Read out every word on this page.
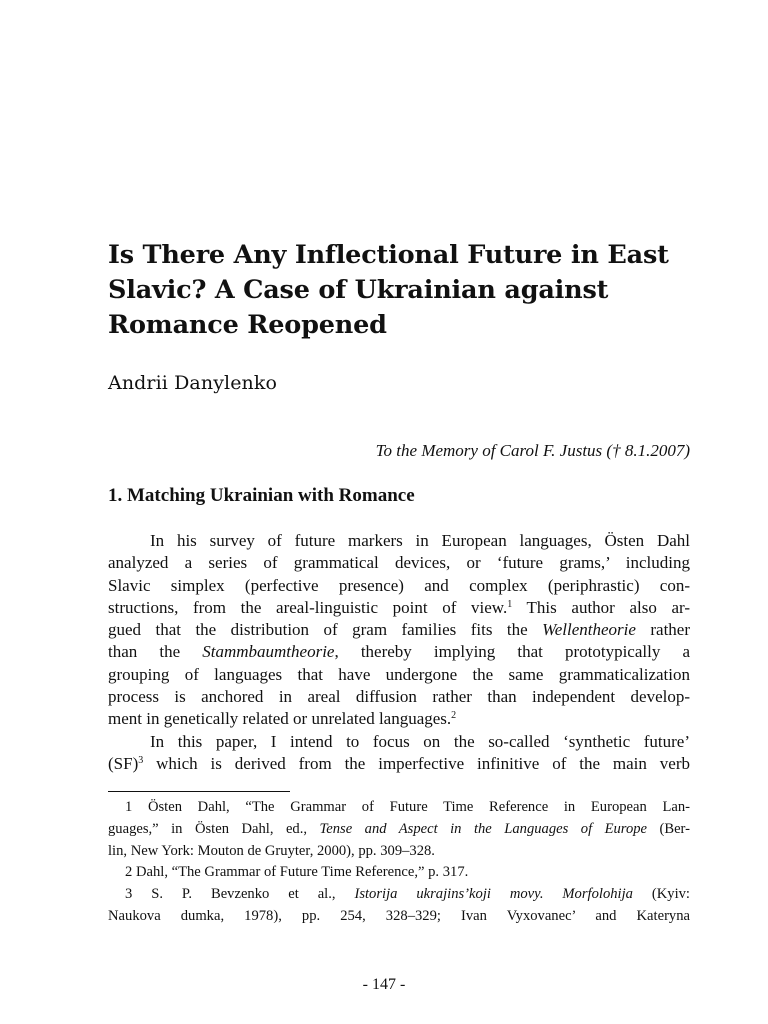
Is There Any Inflectional Future in East
Slavic? A Case of Ukrainian against
Romance Reopened
Andrii Danylenko
To the Memory of Carol F. Justus († 8.1.2007)
1. Matching Ukrainian with Romance
In his survey of future markers in European languages, Östen Dahl
analyzed a series of grammatical devices, or ‘future grams,’ including
Slavic simplex (perfective presence) and complex (periphrastic) con-
structions, from the areal-linguistic point of view.$^1$ This author also ar-
gued that the distribution of gram families fits the Wellentheorie rather
than the Stammbaumtheorie, thereby implying that prototypically a
grouping of languages that have undergone the same grammaticalization
process is anchored in areal diffusion rather than independent develop-
ment in genetically related or unrelated languages.$^2$
In this paper, I intend to focus on the so-called ‘synthetic future’
(SF)$^3$ which is derived from the imperfective infinitive of the main verb
1 Östen Dahl, “The Grammar of Future Time Reference in European Lan-
guages,” in Östen Dahl, ed., Tense and Aspect in the Languages of Europe (Ber-
lin, New York: Mouton de Gruyter, 2000), pp. 309–328.
2 Dahl, “The Grammar of Future Time Reference,” p. 317.
3 S. P. Bevzenko et al., Istorija ukrajins’koji movy. Morfolohija (Kyiv:
Naukova dumka, 1978), pp. 254, 328–329; Ivan Vyxovanec’ and Kateryna
- 147 -
